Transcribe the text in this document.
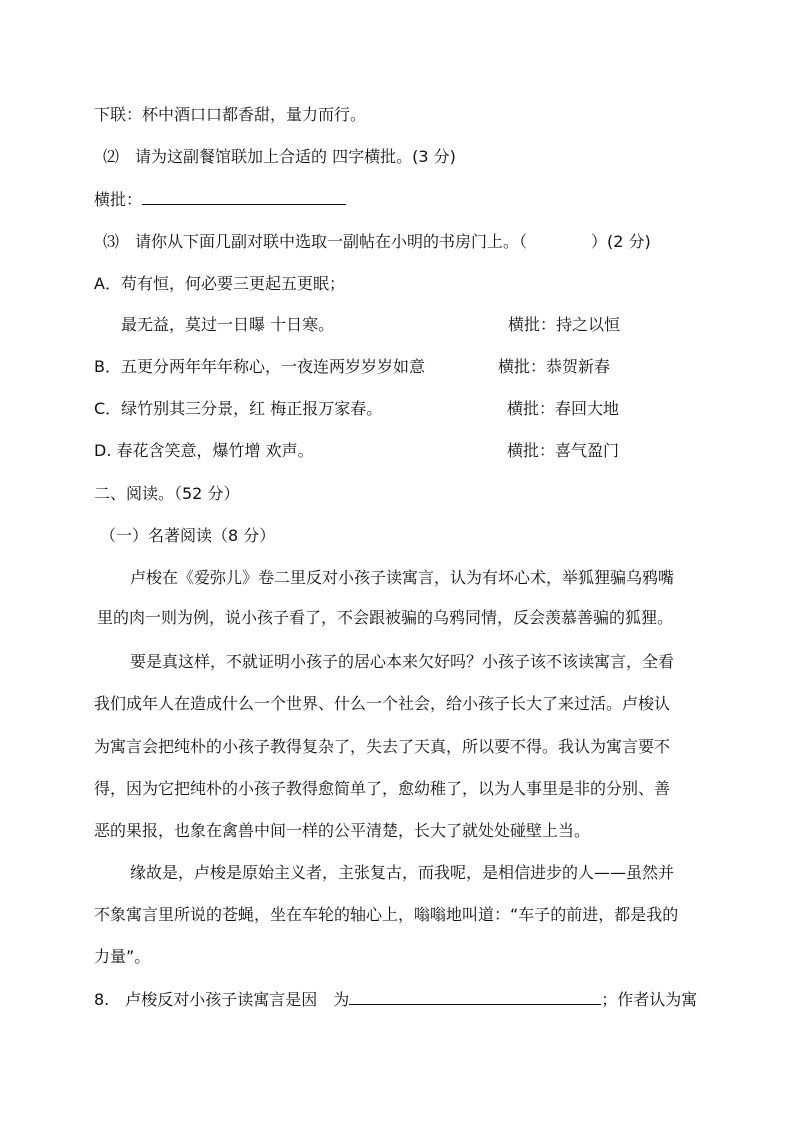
下联：杯中酒口口都香甜，量力而行。
⑵　请为这副餐馆联加上合适的 四字横批。(3 分)
横批：
⑶　请你从下面几副对联中选取一副帖在小明的书房门上。（	）(2 分)
A．苟有恒，何必要三更起五更眠；
最无益，莫过一日曝 十日寒。	横批：持之以恒
B．五更分两年年年称心，一夜连两岁岁岁如意	横批：恭贺新春
C．绿竹别其三分景，红 梅正报万家春。	横批：春回大地
D. 春花含笑意，爆竹增 欢声。	横批：喜气盈门
二、阅读。（52 分）
（一）名著阅读（8 分）
卢梭在《爱弥儿》卷二里反对小孩子读寓言，认为有坏心术，举狐狸骗乌鸦嘴
里的肉一则为例，说小孩子看了，不会跟被骗的乌鸦同情，反会羡慕善骗的狐狸。
要是真这样，不就证明小孩子的居心本来欠好吗？小孩子该不该读寓言，全看
我们成年人在造成什么一个世界、什么一个社会，给小孩子长大了来过活。卢梭认
为寓言会把纯朴的小孩子教得复杂了，失去了天真，所以要不得。我认为寓言要不
得，因为它把纯朴的小孩子教得愈简单了，愈幼稚了，以为人事里是非的分别、善
恶的果报，也象在禽兽中间一样的公平清楚，长大了就处处碰壁上当。
缘故是，卢梭是原始主义者，主张复古，而我呢，是相信进步的人——虽然并
不象寓言里所说的苍蝇，坐在车轮的轴心上，嗡嗡地叫道：“车子的前进，都是我的
力量”。
8.　卢梭反对小孩子读寓言是因　为	；作者认为寓
